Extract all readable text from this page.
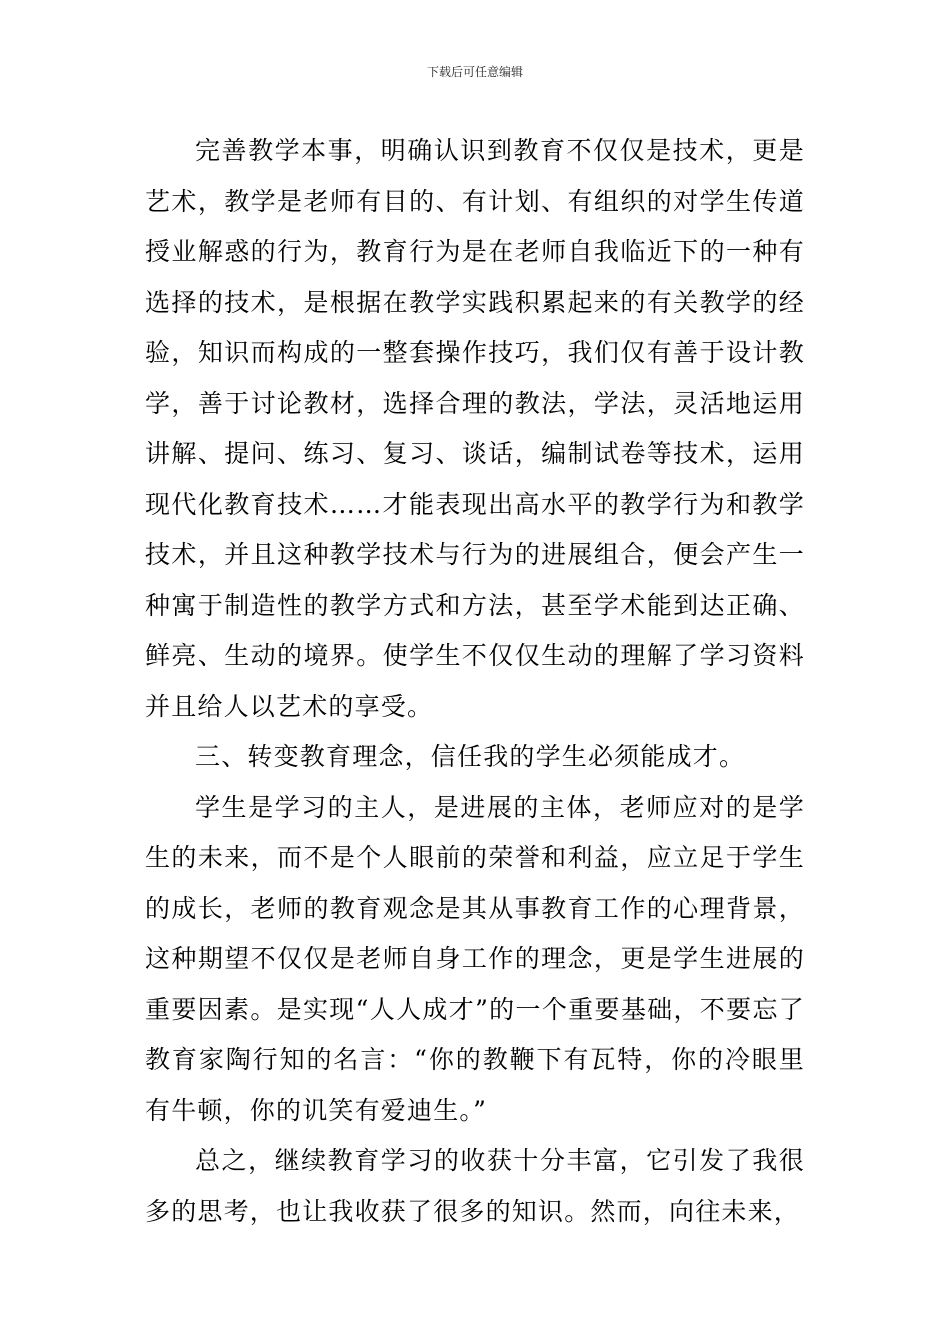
下载后可任意编辑

完善教学本事，明确认识到教育不仅仅是技术，更是艺术，教学是老师有目的、有计划、有组织的对学生传道授业解惑的行为，教育行为是在老师自我临近下的一种有选择的技术，是根据在教学实践积累起来的有关教学的经验，知识而构成的一整套操作技巧，我们仅有善于设计教学，善于讨论教材，选择合理的教法，学法，灵活地运用讲解、提问、练习、复习、谈话，编制试卷等技术，运用现代化教育技术……才能表现出高水平的教学行为和教学技术，并且这种教学技术与行为的进展组合，便会产生一种寓于制造性的教学方式和方法，甚至学术能到达正确、鲜亮、生动的境界。使学生不仅仅生动的理解了学习资料并且给人以艺术的享受。

三、转变教育理念，信任我的学生必须能成才。

学生是学习的主人，是进展的主体，老师应对的是学生的未来，而不是个人眼前的荣誉和利益，应立足于学生的成长，老师的教育观念是其从事教育工作的心理背景，这种期望不仅仅是老师自身工作的理念，更是学生进展的重要因素。是实现“人人成才”的一个重要基础，不要忘了教育家陶行知的名言：“你的教鞭下有瓦特，你的冷眼里有牛顿，你的讥笑有爱迪生。”

总之，继续教育学习的收获十分丰富，它引发了我很多的思考，也让我收获了很多的知识。然而，向往未来，
